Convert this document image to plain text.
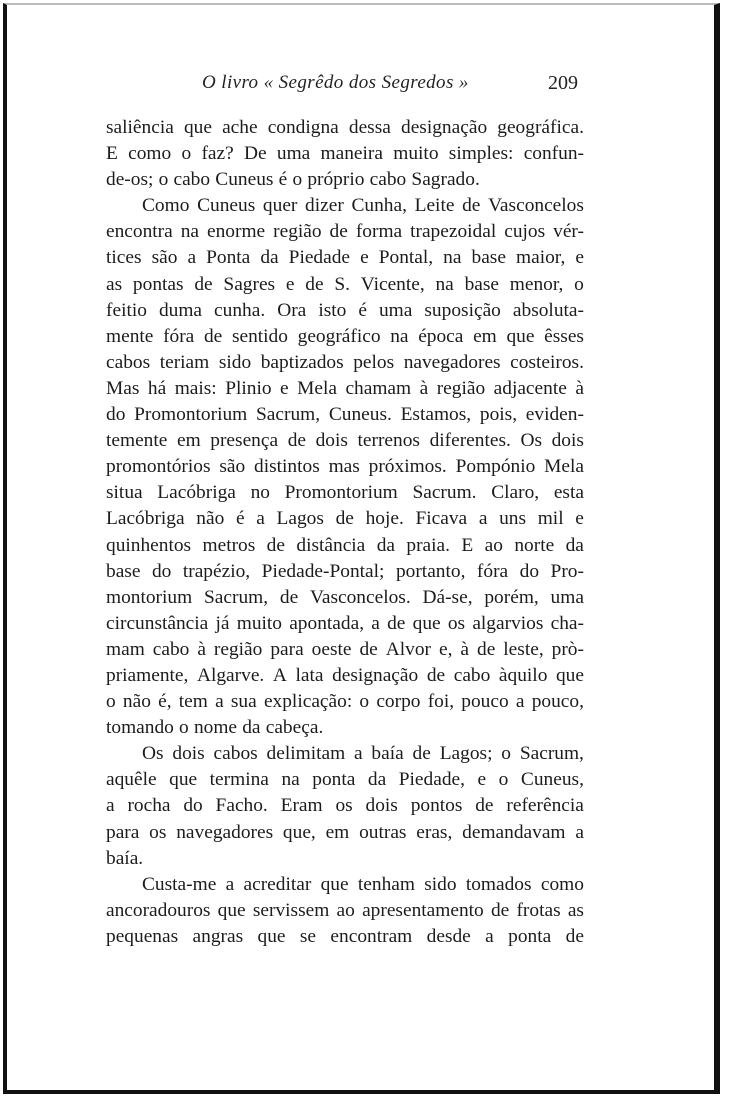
O livro « Segrêdo dos Segredos »	209
saliência que ache condigna dessa designação geográfica.
E como o faz? De uma maneira muito simples: confun-
de-os; o cabo Cuneus é o próprio cabo Sagrado.
Como Cuneus quer dizer Cunha, Leite de Vasconcelos
encontra na enorme região de forma trapezoidal cujos vér-
tices são a Ponta da Piedade e Pontal, na base maior, e
as pontas de Sagres e de S. Vicente, na base menor, o
feitio duma cunha. Ora isto é uma suposição absoluta-
mente fóra de sentido geográfico na época em que êsses
cabos teriam sido baptizados pelos navegadores costeiros.
Mas há mais: Plinio e Mela chamam à região adjacente à
do Promontorium Sacrum, Cuneus. Estamos, pois, eviden-
temente em presença de dois terrenos diferentes. Os dois
promontórios são distintos mas próximos. Pompónio Mela
situa Lacóbriga no Promontorium Sacrum. Claro, esta
Lacóbriga não é a Lagos de hoje. Ficava a uns mil e
quinhentos metros de distância da praia. E ao norte da
base do trapézio, Piedade-Pontal; portanto, fóra do Pro-
montorium Sacrum, de Vasconcelos. Dá-se, porém, uma
circunstância já muito apontada, a de que os algarvios cha-
mam cabo à região para oeste de Alvor e, à de leste, prò-
priamente, Algarve. A lata designação de cabo àquilo que
o não é, tem a sua explicação: o corpo foi, pouco a pouco,
tomando o nome da cabeça.
Os dois cabos delimitam a baía de Lagos; o Sacrum,
aquêle que termina na ponta da Piedade, e o Cuneus,
a rocha do Facho. Eram os dois pontos de referência
para os navegadores que, em outras eras, demandavam a
baía.
Custa-me a acreditar que tenham sido tomados como
ancoradouros que servissem ao apresentamento de frotas as
pequenas angras que se encontram desde a ponta de
